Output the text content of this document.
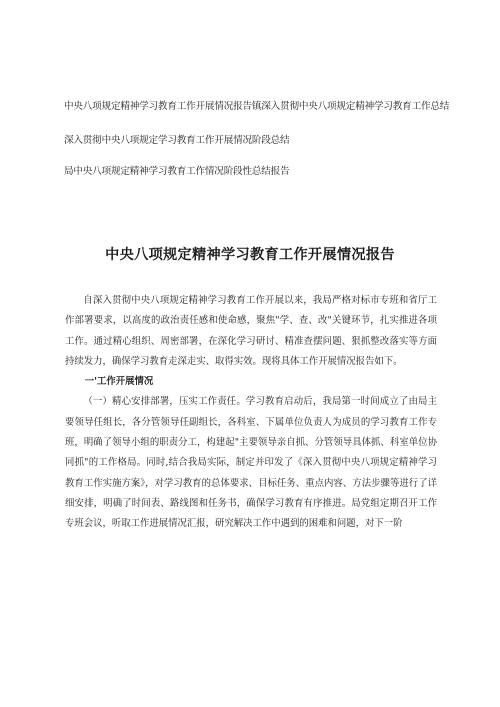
中央八项规定精神学习教育工作开展情况报告镇深入贯彻中央八项规定精神学习教育工作总结

深入贯彻中央八项规定学习教育工作开展情况阶段总结

局中央八项规定精神学习教育工作情况阶段性总结报告

中央八项规定精神学习教育工作开展情况报告

自深入贯彻中央八项规定精神学习教育工作开展以来，我局严格对标市专班和省厅工作部署要求，以高度的政治责任感和使命感，聚焦"学、查、改"关键环节，扎实推进各项工作。通过精心组织、周密部署，在深化学习研讨、精准查摆问题、狠抓整改落实等方面持续发力，确保学习教育走深走实、取得实效。现将具体工作开展情况报告如下。

一'工作开展情况

（一）精心安排部署，压实工作责任。学习教育启动后，我局第一时间成立了由局主要领导任组长，各分管领导任副组长，各科室、下属单位负责人为成员的学习教育工作专班，明确了领导小组的职责分工，构建起"主要领导亲自抓、分管领导具体抓、科室单位协同抓"的工作格局。同时,结合我局实际，制定并印发了《深入贯彻中央八项规定精神学习教育工作实施方案》，对学习教育的总体要求、目标任务、重点内容、方法步骤等进行了详细安排，明确了时间表、路线图和任务书，确保学习教育有序推进。局党组定期召开工作专班会议，听取工作进展情况汇报，研究解决工作中遇到的困难和问题，对下一阶
